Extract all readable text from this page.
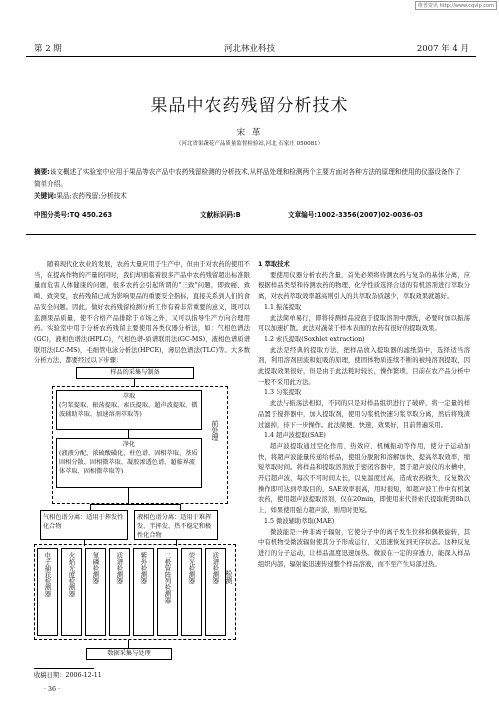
维普资讯 http://www.cqvip.com
第 2 期	河北林业科技	2007 年 4 月
果品中农药残留分析技术
宋 革
（河北省果蔬花产品质量监督检验站,河北 石家庄 050081）
摘要:该文概述了实验室中应用于果品等农产品中农药残留检测的分析技术,从样品处理和检测两个主要方面对各种方法的原理和使用的仪器设备作了简单介绍。
关键词:果品;农药残留;分析技术
中图分类号:TQ 450.263	文献标识码:B	文章编号:1002-3356(2007)02-0036-03
随着现代化农业的发展，农药大量应用于生产中，但由于对农药的使用不当，在提高作物的产量的同时，我们却面临着很多产品中农药残留超出标准限量而危害人体健康的问题，很多农药会引起所谓的"三致"问题，即致癌、致畸、致突变，农药残留已成为影响果品的重要安全指标，直接关系到人们的食品安全问题。因此，做好农药残留检测分析工作有着非常重要的意义，既可以监测果品质量，使不合格产品排除于市场之外，又可以指导生产方向合理用药。实验室中用于分析农药残留主要使用各类仪器分析法，如：气相色谱法(GC)，液相色谱法(HPLC)，气相色谱-质谱联用法(GC-MS)，液相色谱质谱联用法(LC-MS)，毛细管电泳分析法(HPCE)，薄层色谱法(TLC)等。大多数分析方法，都要经过以下步骤：
样品的采集与制备
萃取
(匀浆提取、振荡提取、索氏提取、超声波提取、微波辅助萃取、加速溶剂萃取等)
净化
(液液分配、浓硫酸磺化、柱色谱、固相萃取、基质固相分散、固相微萃取、凝胶渗透色谱、超临界流体萃取、固相微萃取等)
前处理
气相色谱分离：适用于挥发性化合物
液相色谱分离：适用于难挥发、半挥发、热不稳定和极性化合物
电子捕获检测器	火焰光度检测器	氮磷检测器	质谱检测器	紫外检测器	二极管阵列检测器	荧光检测器	质谱检测器 检测
数据采集与处理
收稿日期：2006-12-11
· 36 ·
1 萃取技术

要使用仪器分析农药含量，首先必须将待测农药与复杂的基体分离，应根据样品类型和待测农药的物理、化学性质选择合适的有机溶剂进行萃取分离，对农药萃取效率越高则引入的共萃取杂质越少，萃取效果就越好。

1.1 振荡提取

此法简单易行，即将待测样品浸泡于提取溶剂中漂洗，必要时加以振荡可以加速扩散。此法对蔬菜于样本表面的农药有很好的提取效果。

1.2 索氏提取(Soxhlet extraction)

此法是经典的提取方法，把样品放入提取器的滤纸筒中，选择适当溶剂，利用溶剂回流和虹吸的原理，使固体物质连续不断的被纯溶剂提取，因此提取效果很好，但是由于此法耗时较长，操作繁琐，目前在农产品分析中一般不采用此方法。

1.3 匀浆提取

此法与振荡法相似，不同的只是对样品组织进行了破碎，将一定量的样品置于搅拌器中，加入提取剂，使用匀浆机快速匀浆萃取分离，然后将残渣过滤掉，待下一步操作。此法简便、快速、效果好，目前普遍采用。

1.4 超声波提取(SAE)

超声波提取通过空化作用、热效应、机械振动等作用，使分子运动加快，将超声波能量传递给样品，使组分脱附和溶解加快，提高萃取效率，缩短萃取时间。将样品和提取溶剂放于密闭容器中，置于超声波仪的水槽中，开启超声波，每次不可时间太长，以免温度过高，造成农药损失，反复数次操作即可达到萃取目的，SAE效率很高，用时很短，如超声波工作中有机氯农药，使用超声波提取溶剂，仅在20min，即使用来代替索氏提取耗需8h以上，如果使用强力超声波，则用时更短。

1.5 微波辅助萃取(MAE)

微波能是一种非离子辐射，它使分子中的离子发生位移和偶极旋转，其中有机物受微波辐射使其分子形成运行，又迅速恢复到无序状态。这种反复进行的分子运动，让样品温度迅速加热。微波在一定的穿透力，能深入样品组织内部，辐射能迅速传递整个样品溶液，而不至产生局部过热。
